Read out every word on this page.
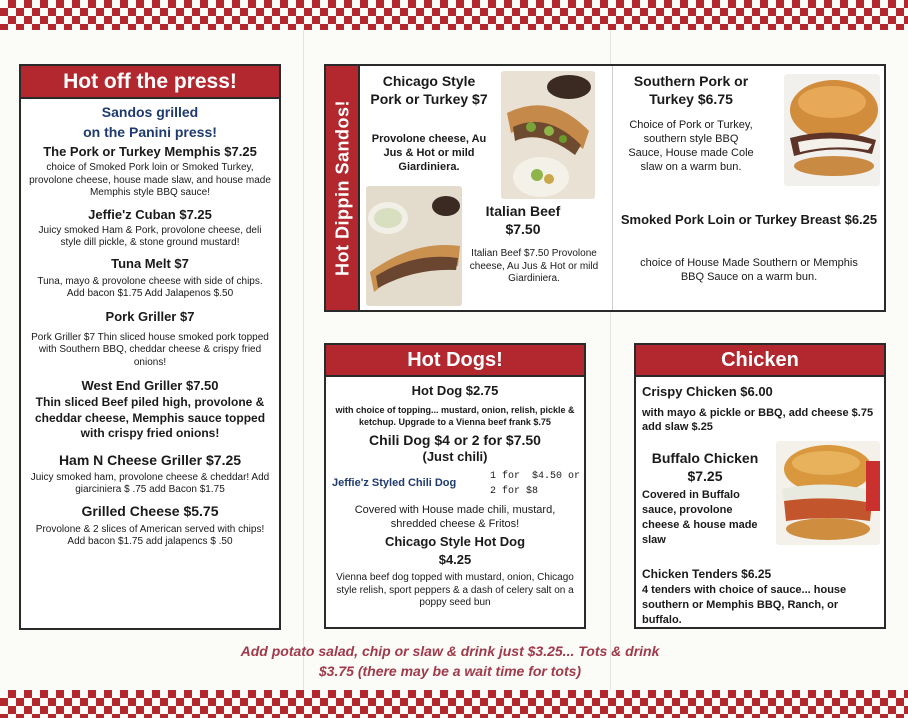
Hot off the press!
Sandos grilled
on the Panini press!
The Pork or Turkey Memphis $7.25
choice of Smoked Pork loin or Smoked Turkey, provolone cheese, house made slaw, and house made Memphis style BBQ sauce!
Jeffie'z Cuban $7.25
Juicy smoked Ham & Pork, provolone cheese, deli style dill pickle, & stone ground mustard!
Tuna Melt $7
Tuna, mayo & provolone cheese with side of chips. Add bacon $1.75 Add Jalapenos $.50
Pork Griller $7
Pork Griller $7 Thin sliced house smoked pork topped with Southern BBQ, cheddar cheese & crispy fried onions!
West End Griller $7.50
Thin sliced Beef piled high, provolone & cheddar cheese, Memphis sauce topped with crispy fried onions!
Ham N Cheese Griller $7.25
Juicy smoked ham, provolone cheese & cheddar! Add giarciniera $ .75 add Bacon $1.75
Grilled Cheese $5.75
Provolone & 2 slices of American served with chips! Add bacon $1.75 add jalapencs $ .50
Hot Dippin Sandos!
Chicago Style Pork or Turkey $7
Provolone cheese, Au Jus & Hot or mild Giardiniera.
Italian Beef $7.50
Italian Beef $7.50 Provolone cheese, Au Jus & Hot or mild Giardiniera.
Southern Pork or Turkey $6.75
Choice of Pork or Turkey, southern style BBQ Sauce, House made Cole slaw on a warm bun.
Smoked Pork Loin or Turkey Breast $6.25
choice of House Made Southern or Memphis BBQ Sauce on a warm bun.
Hot Dogs!
Hot Dog $2.75
with choice of topping... mustard, onion, relish, pickle & ketchup. Upgrade to a Vienna beef frank $.75
Chili Dog $4 or 2 for $7.50
(Just chili)
Jeffie'z Styled Chili Dog
1 for  $4.50 or
2 for $8
Covered with House made chili, mustard, shredded cheese & Fritos!
Chicago Style Hot Dog
$4.25
Vienna beef dog topped with mustard, onion, Chicago style relish, sport peppers & a dash of celery salt on a poppy seed bun
Chicken
Crispy Chicken $6.00
with mayo & pickle or BBQ, add cheese $.75 add slaw $.25
Buffalo Chicken $7.25
Covered in Buffalo sauce, provolone cheese & house made slaw
Chicken Tenders $6.25
4 tenders with choice of sauce... house southern or Memphis BBQ, Ranch, or buffalo.
Add potato salad, chip or slaw & drink just $3.25... Tots & drink
$3.75 (there may be a wait time for tots)
